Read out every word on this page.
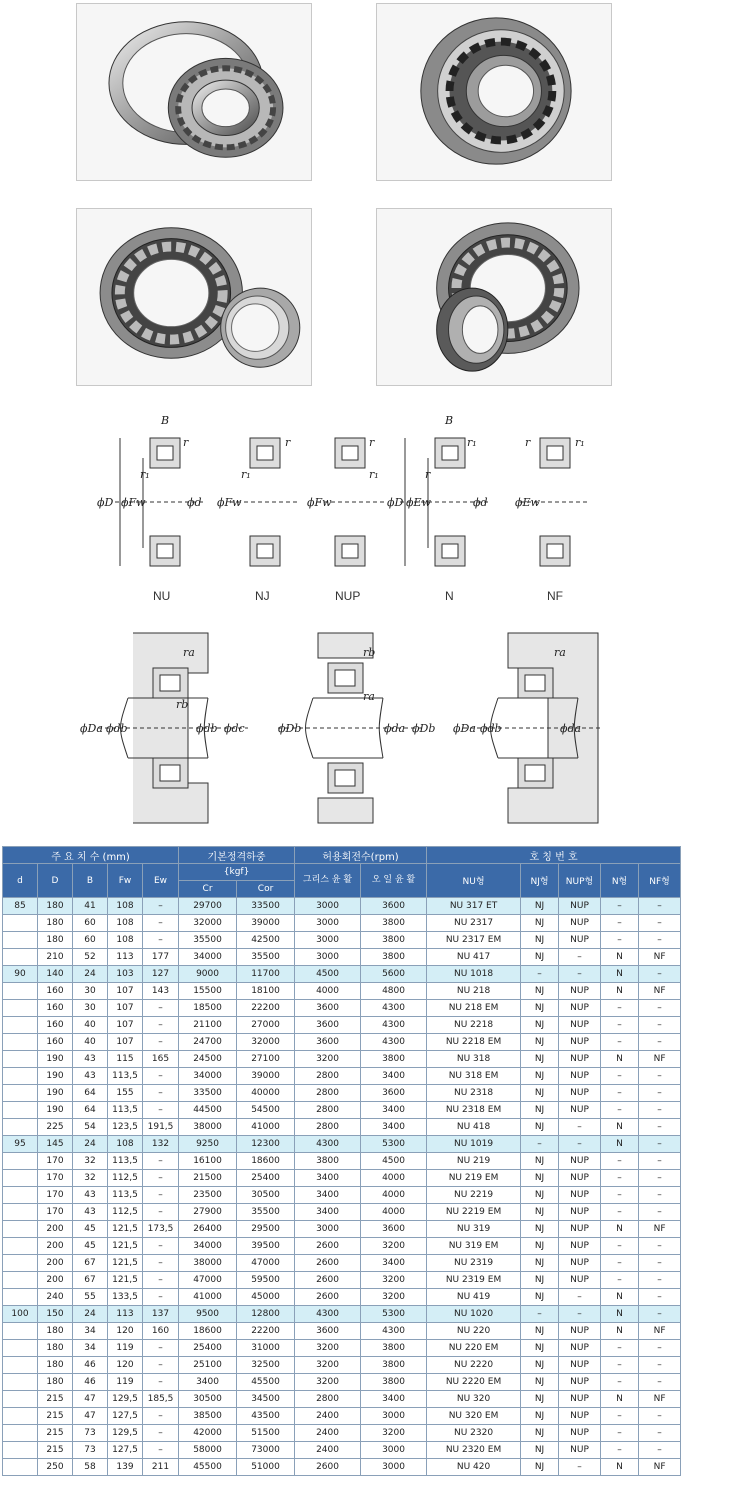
B	B
r
r₁
ϕD ϕFw	ϕd ϕFw
r
r₁
ϕFw
r
r₁
ϕD ϕEw	ϕd
r₁
r
ϕEw
r	r₁
NU	NJ	NUP	N	NF
ra
rb
ϕDa ϕdb	ϕdb ϕdc
rb
ra
ϕDb	ϕda ϕDb
ra
ϕDa ϕdb	ϕda
주 요 치 수 (mm)					기본정격하중		허용회전수(rpm)		호 칭 번 호				
d	D	B	Fw	Ew	{kgf}		그리스 윤 활	오 일 윤 활	NU형	NJ형	NUP형	N형	NF형
					Cr	Cor							
85	180	41	108	–	29700	33500	3000	3600	NU 317 ET	NJ	NUP	–	–
	180	60	108	–	32000	39000	3000	3800	NU 2317	NJ	NUP	–	–
	180	60	108	–	35500	42500	3000	3800	NU 2317 EM	NJ	NUP	–	–
	210	52	113	177	34000	35500	3000	3800	NU 417	NJ	–	N	NF
90	140	24	103	127	9000	11700	4500	5600	NU 1018	–	–	N	–
	160	30	107	143	15500	18100	4000	4800	NU 218	NJ	NUP	N	NF
	160	30	107	–	18500	22200	3600	4300	NU 218 EM	NJ	NUP	–	–
	160	40	107	–	21100	27000	3600	4300	NU 2218	NJ	NUP	–	–
	160	40	107	–	24700	32000	3600	4300	NU 2218 EM	NJ	NUP	–	–
	190	43	115	165	24500	27100	3200	3800	NU 318	NJ	NUP	N	NF
	190	43	113,5	–	34000	39000	2800	3400	NU 318 EM	NJ	NUP	–	–
	190	64	155	–	33500	40000	2800	3600	NU 2318	NJ	NUP	–	–
	190	64	113,5	–	44500	54500	2800	3400	NU 2318 EM	NJ	NUP	–	–
	225	54	123,5	191,5	38000	41000	2800	3400	NU 418	NJ	–	N	–
95	145	24	108	132	9250	12300	4300	5300	NU 1019	–	–	N	–
	170	32	113,5	–	16100	18600	3800	4500	NU 219	NJ	NUP	–	–
	170	32	112,5	–	21500	25400	3400	4000	NU 219 EM	NJ	NUP	–	–
	170	43	113,5	–	23500	30500	3400	4000	NU 2219	NJ	NUP	–	–
	170	43	112,5	–	27900	35500	3400	4000	NU 2219 EM	NJ	NUP	–	–
	200	45	121,5	173,5	26400	29500	3000	3600	NU 319	NJ	NUP	N	NF
	200	45	121,5	–	34000	39500	2600	3200	NU 319 EM	NJ	NUP	–	–
	200	67	121,5	–	38000	47000	2600	3400	NU 2319	NJ	NUP	–	–
	200	67	121,5	–	47000	59500	2600	3200	NU 2319 EM	NJ	NUP	–	–
	240	55	133,5	–	41000	45000	2600	3200	NU 419	NJ	–	N	–
100	150	24	113	137	9500	12800	4300	5300	NU 1020	–	–	N	–
	180	34	120	160	18600	22200	3600	4300	NU 220	NJ	NUP	N	NF
	180	34	119	–	25400	31000	3200	3800	NU 220 EM	NJ	NUP	–	–
	180	46	120	–	25100	32500	3200	3800	NU 2220	NJ	NUP	–	–
	180	46	119	–	3400	45500	3200	3800	NU 2220 EM	NJ	NUP	–	–
	215	47	129,5	185,5	30500	34500	2800	3400	NU 320	NJ	NUP	N	NF
	215	47	127,5	–	38500	43500	2400	3000	NU 320 EM	NJ	NUP	–	–
	215	73	129,5	–	42000	51500	2400	3200	NU 2320	NJ	NUP	–	–
	215	73	127,5	–	58000	73000	2400	3000	NU 2320 EM	NJ	NUP	–	–
	250	58	139	211	45500	51000	2600	3000	NU 420	NJ	–	N	NF
